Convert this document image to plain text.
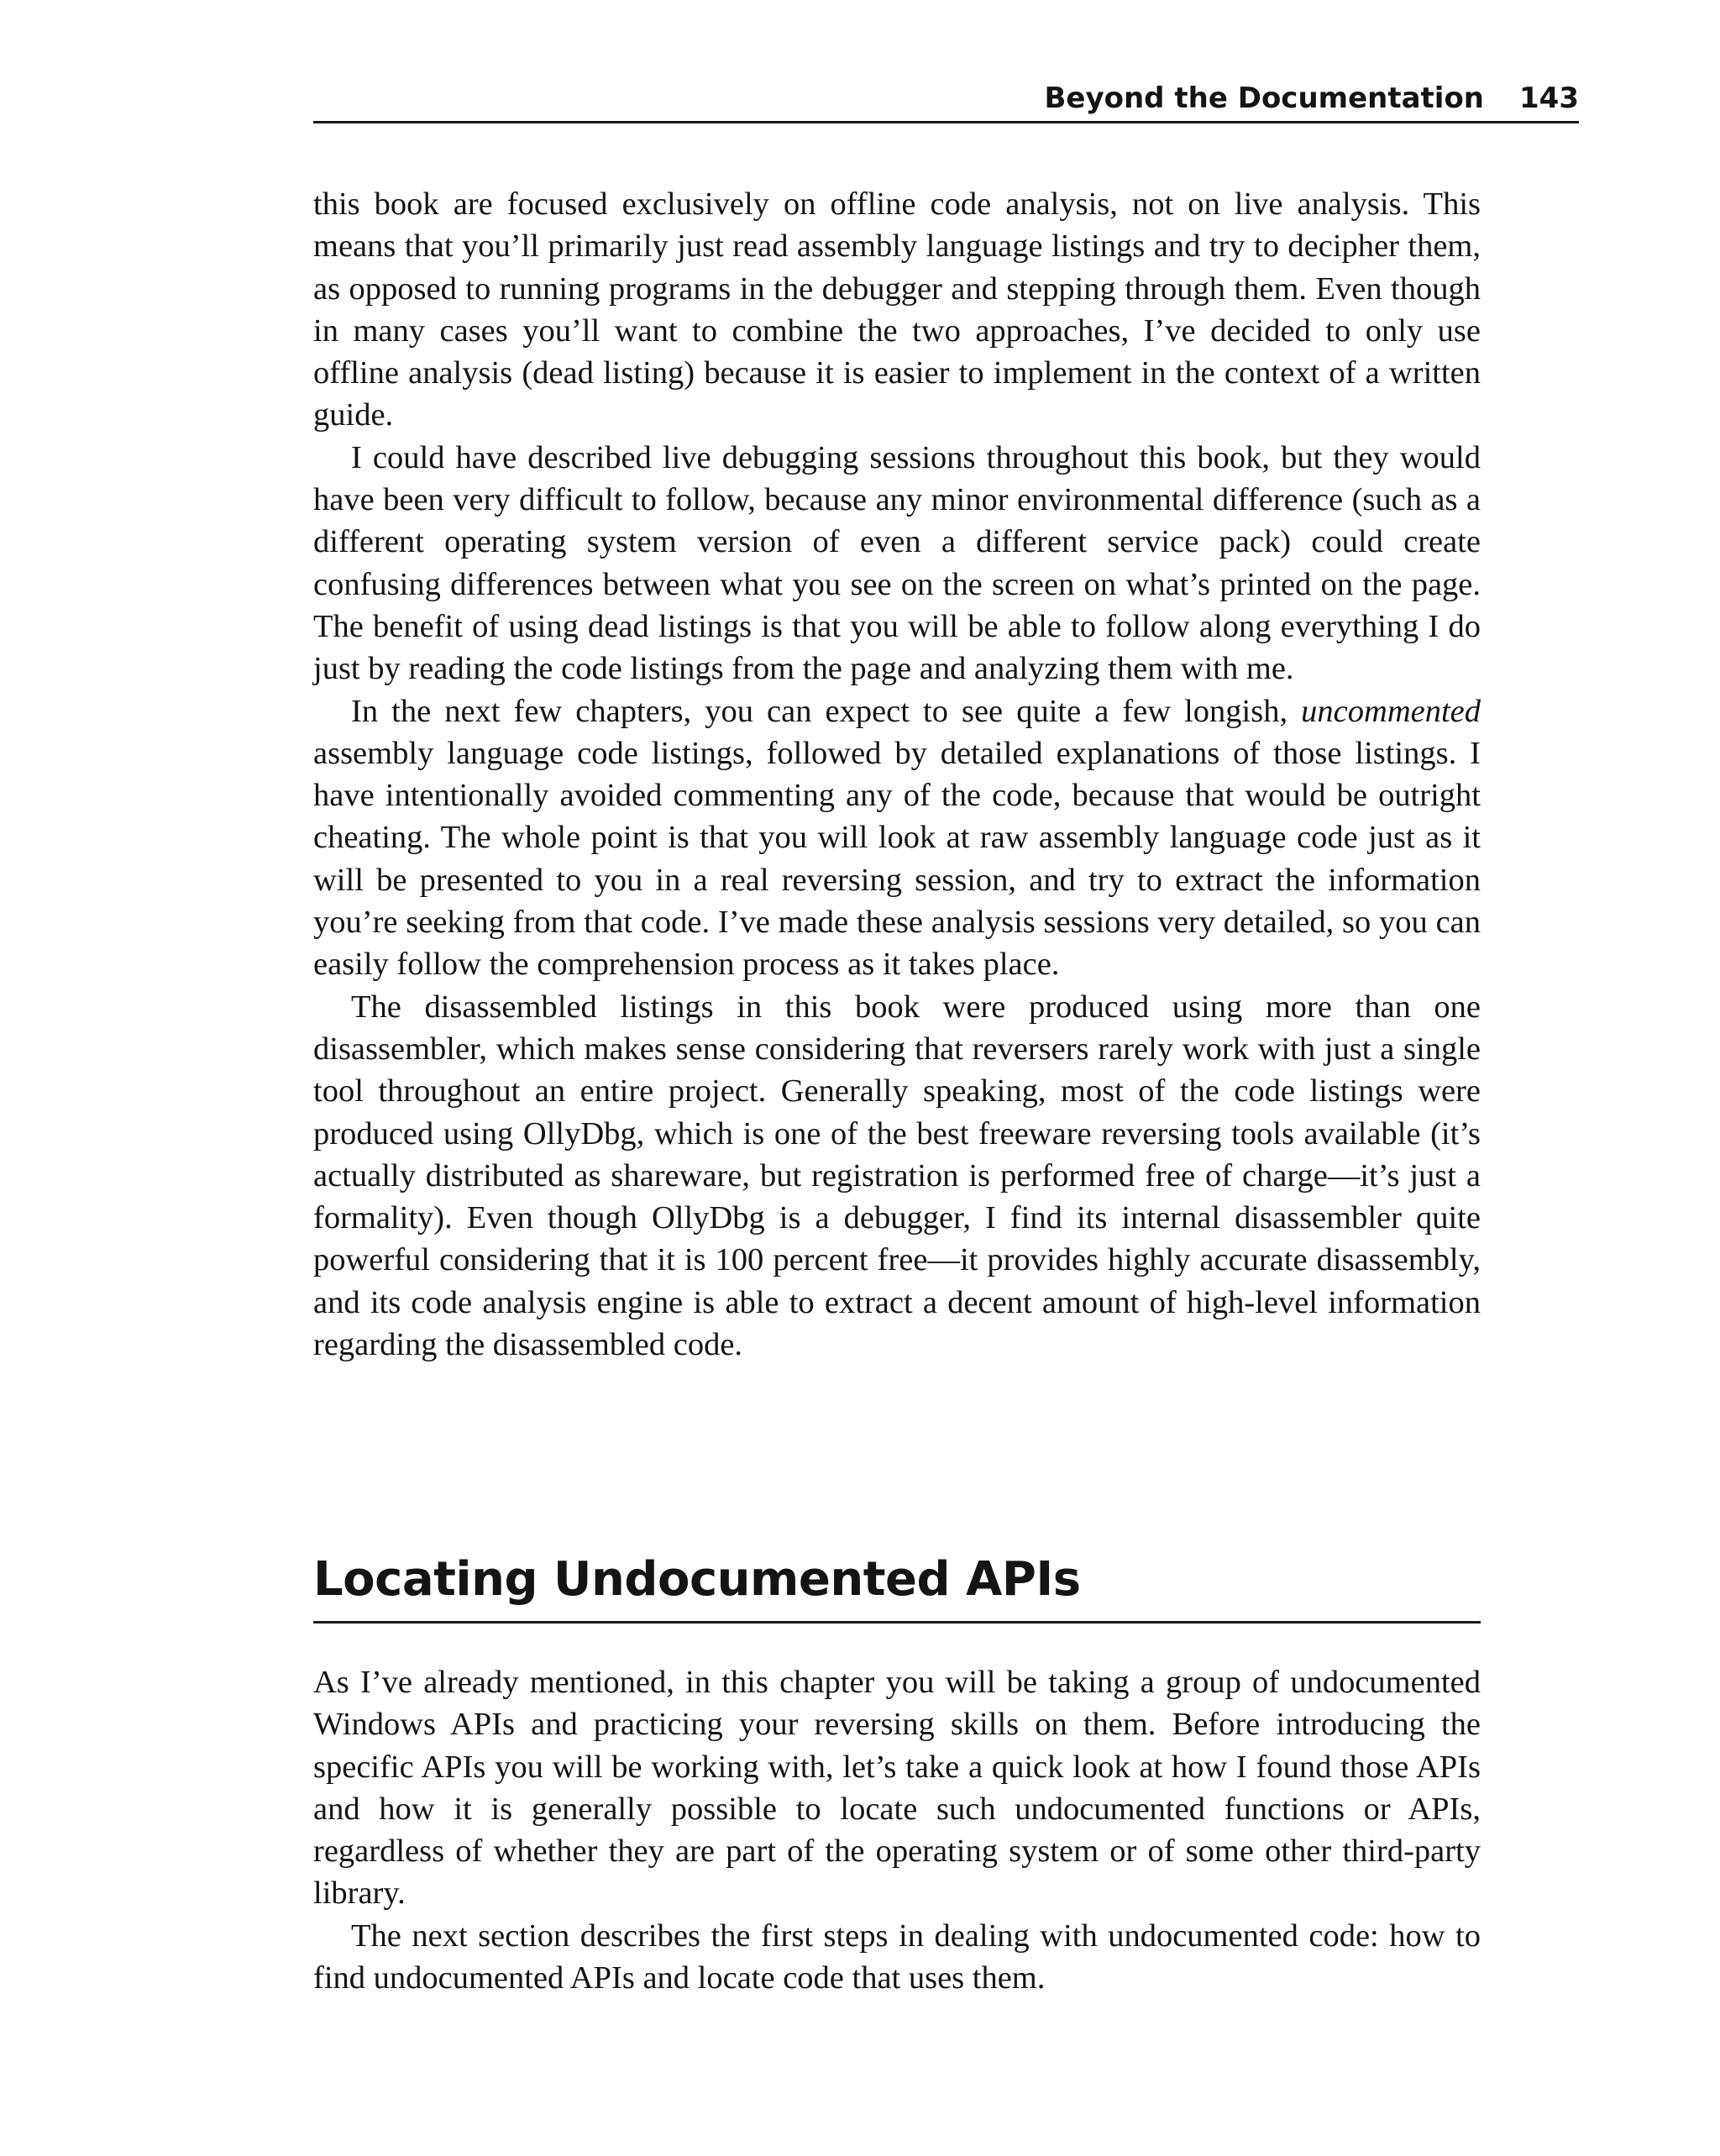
Beyond the Documentation 143

this book are focused exclusively on offline code analysis, not on live analysis. This means that you’ll primarily just read assembly language listings and try to decipher them, as opposed to running programs in the debugger and stepping through them. Even though in many cases you’ll want to combine the two approaches, I’ve decided to only use offline analysis (dead listing) because it is easier to implement in the context of a written guide.

I could have described live debugging sessions throughout this book, but they would have been very difficult to follow, because any minor environmental difference (such as a different operating system version of even a different service pack) could create confusing differences between what you see on the screen on what’s printed on the page. The benefit of using dead listings is that you will be able to follow along everything I do just by reading the code listings from the page and analyzing them with me.

In the next few chapters, you can expect to see quite a few longish, uncommented assembly language code listings, followed by detailed explanations of those listings. I have intentionally avoided commenting any of the code, because that would be outright cheating. The whole point is that you will look at raw assembly language code just as it will be presented to you in a real reversing session, and try to extract the information you’re seeking from that code. I’ve made these analysis sessions very detailed, so you can easily follow the comprehension process as it takes place.

The disassembled listings in this book were produced using more than one disassembler, which makes sense considering that reversers rarely work with just a single tool throughout an entire project. Generally speaking, most of the code listings were produced using OllyDbg, which is one of the best freeware reversing tools available (it’s actually distributed as shareware, but registration is performed free of charge—it’s just a formality). Even though OllyDbg is a debugger, I find its internal disassembler quite powerful considering that it is 100 percent free—it provides highly accurate disassembly, and its code analysis engine is able to extract a decent amount of high-level information regarding the disassembled code.

Locating Undocumented APIs

As I’ve already mentioned, in this chapter you will be taking a group of undocumented Windows APIs and practicing your reversing skills on them. Before introducing the specific APIs you will be working with, let’s take a quick look at how I found those APIs and how it is generally possible to locate such undocumented functions or APIs, regardless of whether they are part of the operating system or of some other third-party library.

The next section describes the first steps in dealing with undocumented code: how to find undocumented APIs and locate code that uses them.
